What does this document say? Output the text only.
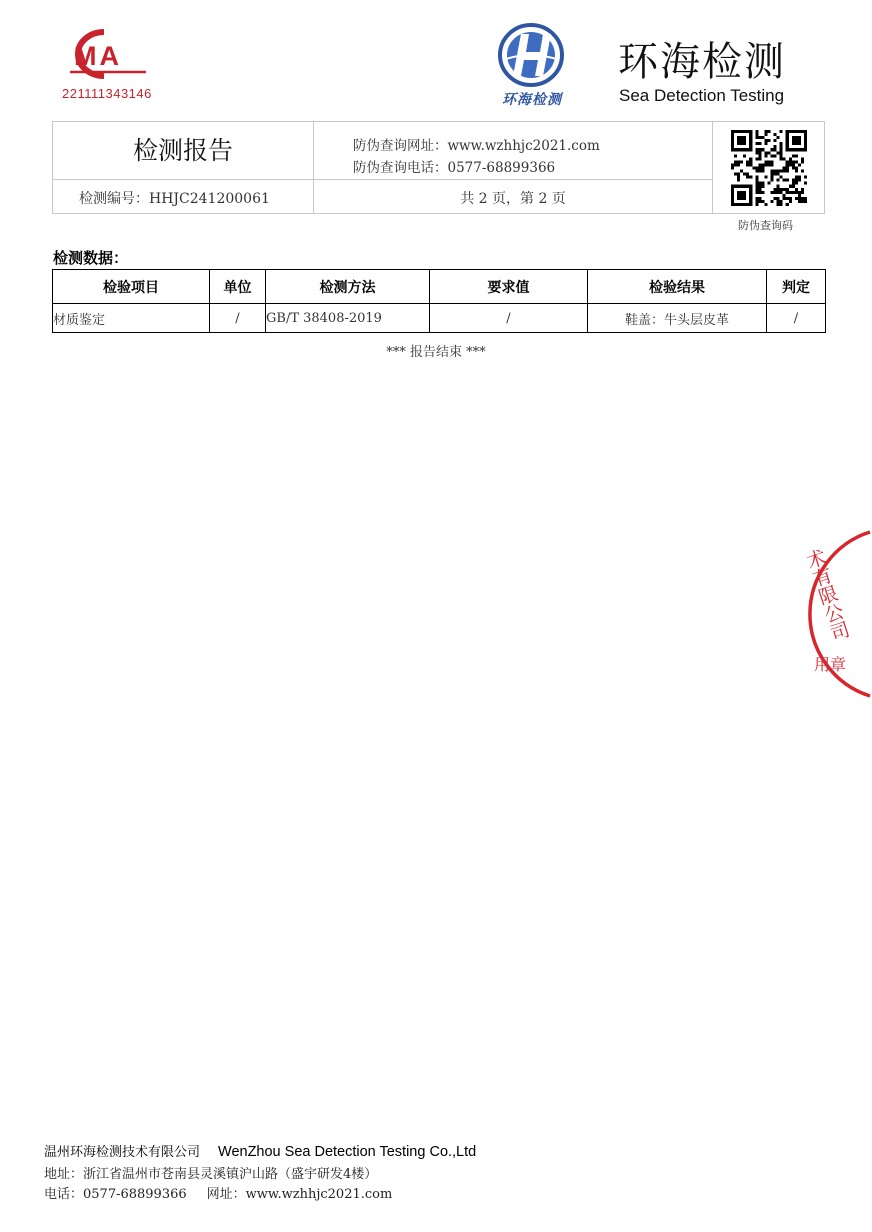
MA
221111343146	环海检测
环海检测
Sea Detection Testing
检测报告	防伪查询网址：www.wzhhjc2021.com
防伪查询电话：0577-68899366
检测编号：HHJC241200061	共 2 页，第 2 页
防伪查询码
检测数据：
检验项目	单位	检测方法	要求值	检验结果	判定
材质鉴定	/	GB/T 38408-2019	/	鞋盖：牛头层皮革	/
*** 报告结束 ***
术有限公司
用章
温州环海检测技术有限公司 WenZhou Sea Detection Testing Co.,Ltd
地址：浙江省温州市苍南县灵溪镇沪山路（盛宇研发4楼）
电话：0577-68899366 网址：www.wzhhjc2021.com
